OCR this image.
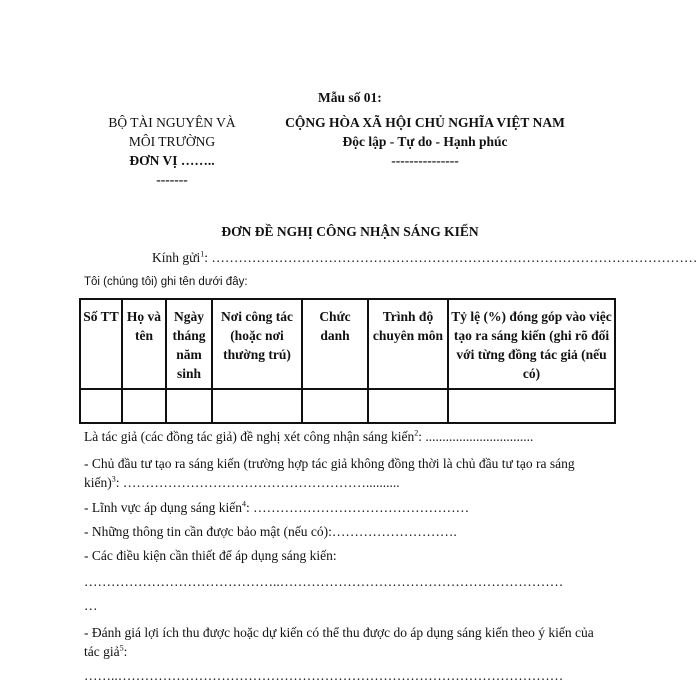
Mẫu số 01:
BỘ TÀI NGUYÊN VÀ
MÔI TRƯỜNG
ĐƠN VỊ ……..
-------
CỘNG HÒA XÃ HỘI CHỦ NGHĨA VIỆT NAM
Độc lập - Tự do - Hạnh phúc
---------------
ĐƠN ĐỀ NGHỊ CÔNG NHẬN SÁNG KIẾN
Kính gửi$^1$: ………………………………………………………………………………………………
Tôi (chúng tôi) ghi tên dưới đây:
Số TT	Họ và tên	Ngày tháng năm sinh	Nơi công tác (hoặc nơi thường trú)	Chức danh	Trình độ chuyên môn	Tỷ lệ (%) đóng góp vào việc tạo ra sáng kiến (ghi rõ đối với từng đồng tác giả (nếu có)

Là tác giả (các đồng tác giả) đề nghị xét công nhận sáng kiến$^2$: ................................
- Chủ đầu tư tạo ra sáng kiến (trường hợp tác giả không đồng thời là chủ đầu tư tạo ra sáng kiến)$^3$: ………………………………………………..........
- Lĩnh vực áp dụng sáng kiến$^4$: …………………………………………
- Những thông tin cần được bảo mật (nếu có):……………………….
- Các điều kiện cần thiết để áp dụng sáng kiến:
……………………………………..………………………………………………………
…
- Đánh giá lợi ích thu được hoặc dự kiến có thể thu được do áp dụng sáng kiến theo ý kiến của tác giả$^5$:
……..………………………………………………………………………………………
